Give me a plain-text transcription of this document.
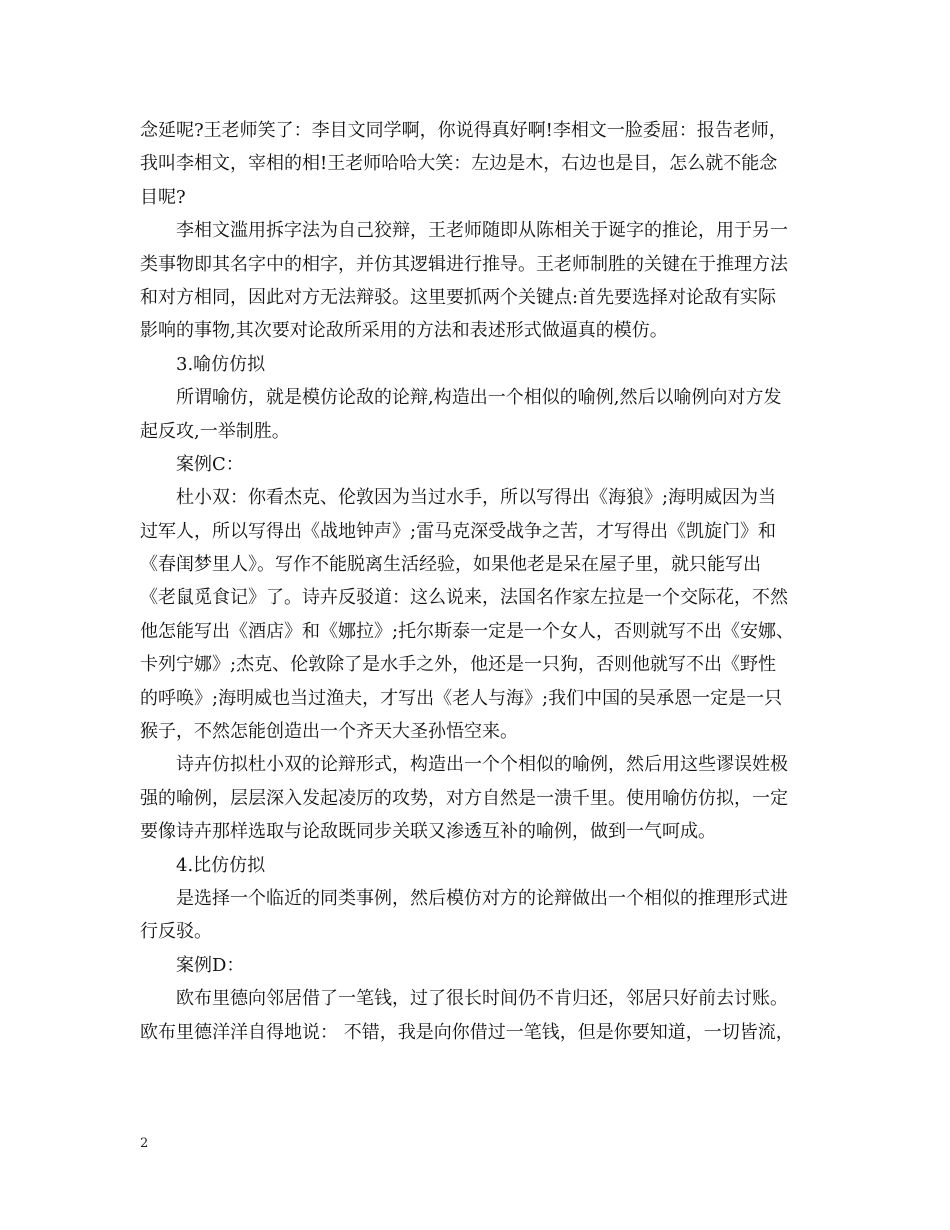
念延呢?王老师笑了：李目文同学啊，你说得真好啊!李相文一脸委屈：报告老师，
我叫李相文，宰相的相!王老师哈哈大笑：左边是木，右边也是目，怎么就不能念
目呢?
李相文滥用拆字法为自己狡辩，王老师随即从陈相关于诞字的推论，用于另一
类事物即其名字中的相字，并仿其逻辑进行推导。王老师制胜的关键在于推理方法
和对方相同，因此对方无法辩驳。这里要抓两个关键点:首先要选择对论敌有实际
影响的事物,其次要对论敌所采用的方法和表述形式做逼真的模仿。
3.喻仿仿拟
所谓喻仿，就是模仿论敌的论辩,构造出一个相似的喻例,然后以喻例向对方发
起反攻,一举制胜。
案例C：
杜小双：你看杰克、伦敦因为当过水手，所以写得出《海狼》;海明威因为当
过军人，所以写得出《战地钟声》;雷马克深受战争之苦，才写得出《凯旋门》和
《春闺梦里人》。写作不能脱离生活经验，如果他老是呆在屋子里，就只能写出
《老鼠觅食记》了。诗卉反驳道：这么说来，法国名作家左拉是一个交际花，不然
他怎能写出《酒店》和《娜拉》;托尔斯泰一定是一个女人，否则就写不出《安娜、
卡列宁娜》;杰克、伦敦除了是水手之外，他还是一只狗，否则他就写不出《野性
的呼唤》;海明威也当过渔夫，才写出《老人与海》;我们中国的吴承恩一定是一只
猴子，不然怎能创造出一个齐天大圣孙悟空来。
诗卉仿拟杜小双的论辩形式，构造出一个个相似的喻例，然后用这些谬误姓极
强的喻例，层层深入发起凌厉的攻势，对方自然是一溃千里。使用喻仿仿拟，一定
要像诗卉那样选取与论敌既同步关联又渗透互补的喻例，做到一气呵成。
4.比仿仿拟
是选择一个临近的同类事例，然后模仿对方的论辩做出一个相似的推理形式进
行反驳。
案例D：
欧布里德向邻居借了一笔钱，过了很长时间仍不肯归还，邻居只好前去讨账。
欧布里德洋洋自得地说： 不错，我是向你借过一笔钱，但是你要知道，一切皆流，
2
